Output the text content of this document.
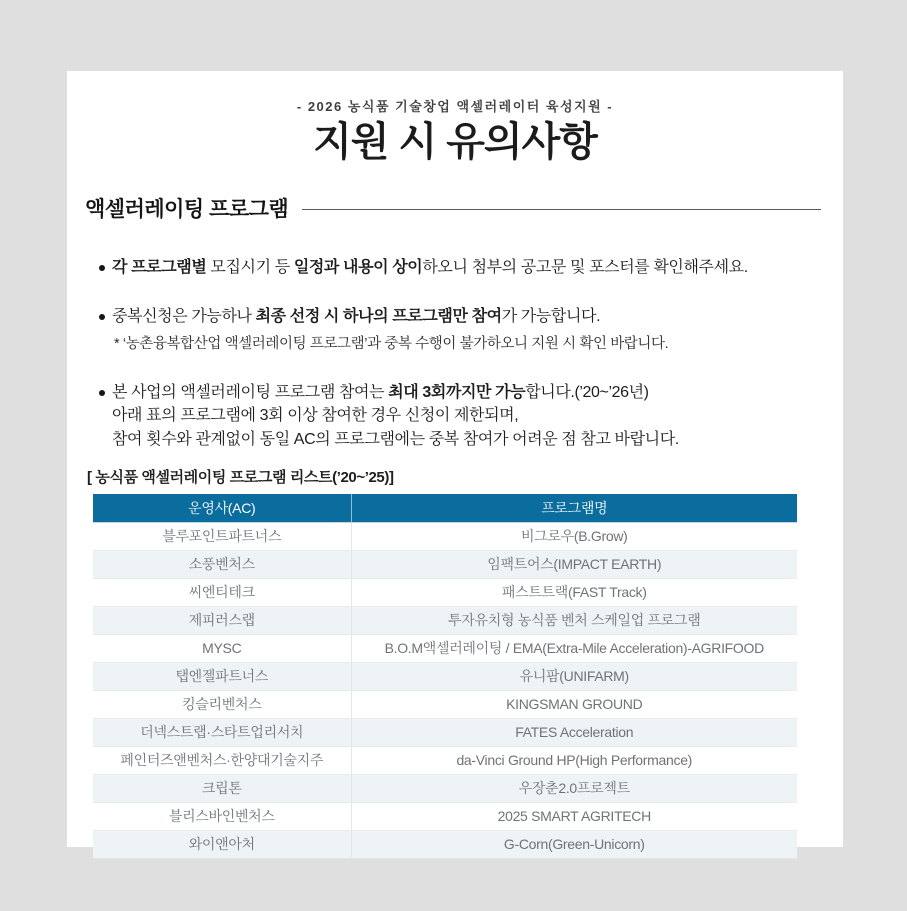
- 2026 농식품 기술창업 액셀러레이터 육성지원 -
지원 시 유의사항
액셀러레이팅 프로그램

각 프로그램별 모집시기 등 일정과 내용이 상이하오니 첨부의 공고문 및 포스터를 확인해주세요.

중복신청은 가능하나 최종 선정 시 하나의 프로그램만 참여가 가능합니다.

* ‘농촌융복합산업 액셀러레이팅 프로그램’과 중복 수행이 불가하오니 지원 시 확인 바랍니다.

본 사업의 액셀러레이팅 프로그램 참여는 최대 3회까지만 가능합니다.(’20~’26년)

아래 표의 프로그램에 3회 이상 참여한 경우 신청이 제한되며,

참여 횟수와 관계없이 동일 AC의 프로그램에는 중복 참여가 어려운 점 참고 바랍니다.

[ 농식품 액셀러레이팅 프로그램 리스트(’20~’25)]
운영사(AC)	프로그램명
블루포인트파트너스	비그로우(B.Grow)
소풍벤처스	임팩트어스(IMPACT EARTH)
씨엔티테크	패스트트랙(FAST Track)
제피러스랩	투자유치형 농식품 벤처 스케일업 프로그램
MYSC	B.O.M액셀러레이팅 / EMA(Extra-Mile Acceleration)-AGRIFOOD
탭엔젤파트너스	유니팜(UNIFARM)
킹슬리벤처스	KINGSMAN GROUND
더넥스트랩·스타트업리서치	FATES Acceleration
페인터즈앤벤처스·한양대기술지주	da-Vinci Ground HP(High Performance)
크립톤	우장춘2.0프로젝트
블리스바인벤처스	2025 SMART AGRITECH
와이앤아처	G-Corn(Green-Unicorn)
